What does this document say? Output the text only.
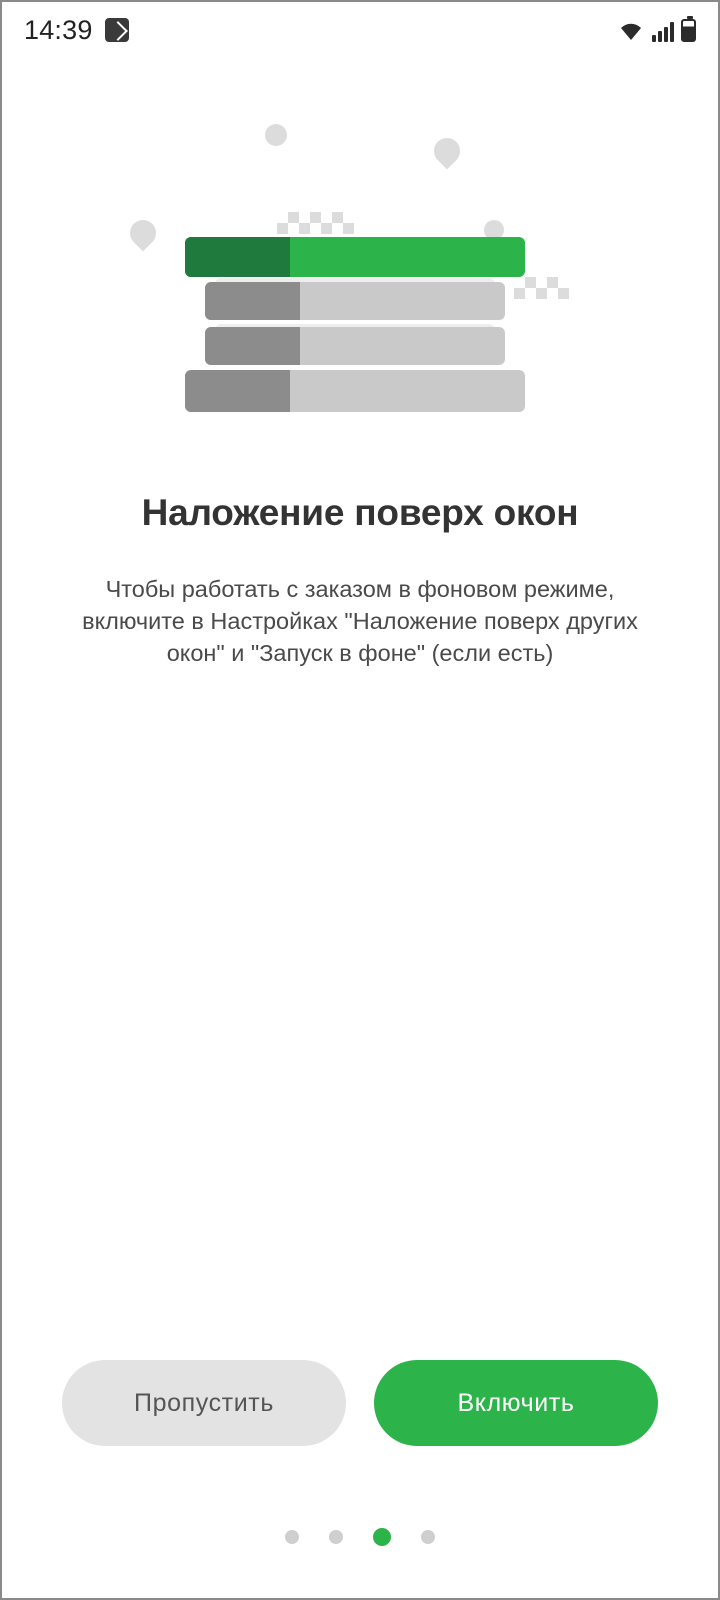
14:39
Наложение поверх окон
Чтобы работать с заказом в фоновом режиме, включите в Настройках "Наложение поверх других окон" и "Запуск в фоне" (если есть)
Пропустить	Включить
